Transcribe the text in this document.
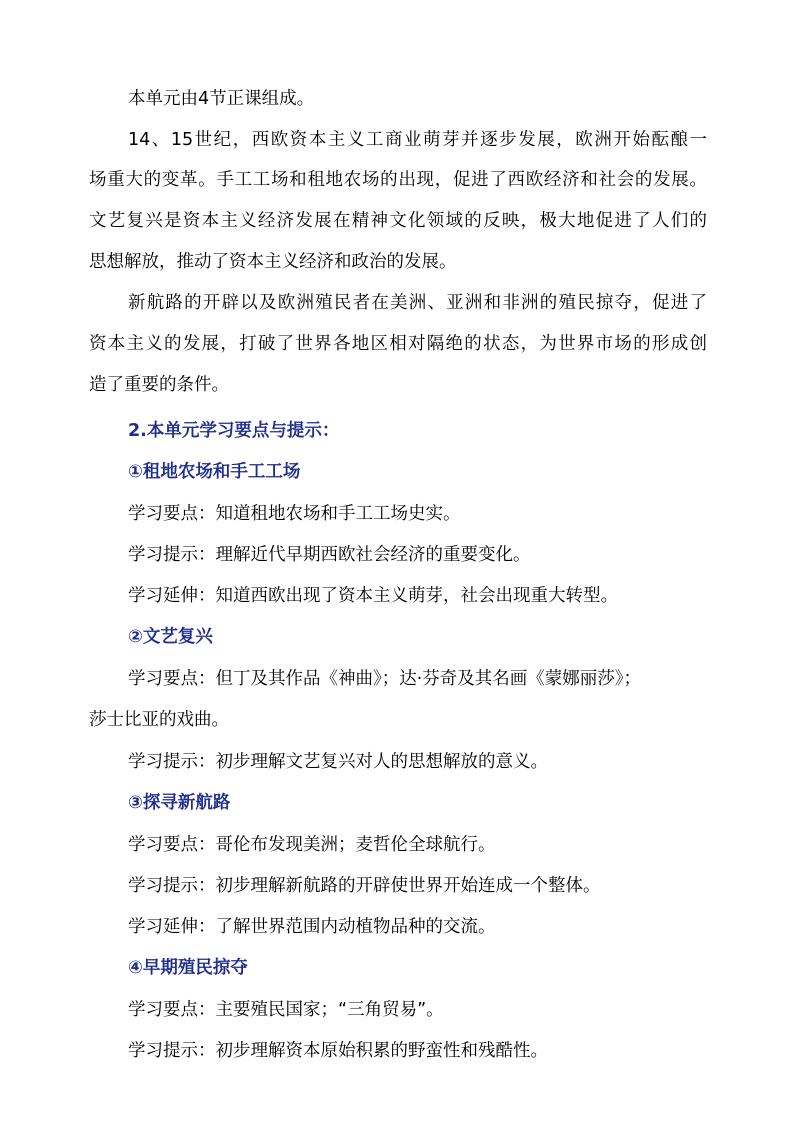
本单元由4节正课组成。
14、15世纪，西欧资本主义工商业萌芽并逐步发展，欧洲开始酝酿一
场重大的变革。手工工场和租地农场的出现，促进了西欧经济和社会的发展。
文艺复兴是资本主义经济发展在精神文化领域的反映，极大地促进了人们的
思想解放，推动了资本主义经济和政治的发展。
新航路的开辟以及欧洲殖民者在美洲、亚洲和非洲的殖民掠夺，促进了
资本主义的发展，打破了世界各地区相对隔绝的状态，为世界市场的形成创
造了重要的条件。
2.本单元学习要点与提示：
①租地农场和手工工场
学习要点：知道租地农场和手工工场史实。
学习提示：理解近代早期西欧社会经济的重要变化。
学习延伸：知道西欧出现了资本主义萌芽，社会出现重大转型。
②文艺复兴
学习要点：但丁及其作品《神曲》；达·芬奇及其名画《蒙娜丽莎》；
莎士比亚的戏曲。
学习提示：初步理解文艺复兴对人的思想解放的意义。
③探寻新航路
学习要点：哥伦布发现美洲；麦哲伦全球航行。
学习提示：初步理解新航路的开辟使世界开始连成一个整体。
学习延伸：了解世界范围内动植物品种的交流。
④早期殖民掠夺
学习要点：主要殖民国家；“三角贸易”。
学习提示：初步理解资本原始积累的野蛮性和残酷性。
